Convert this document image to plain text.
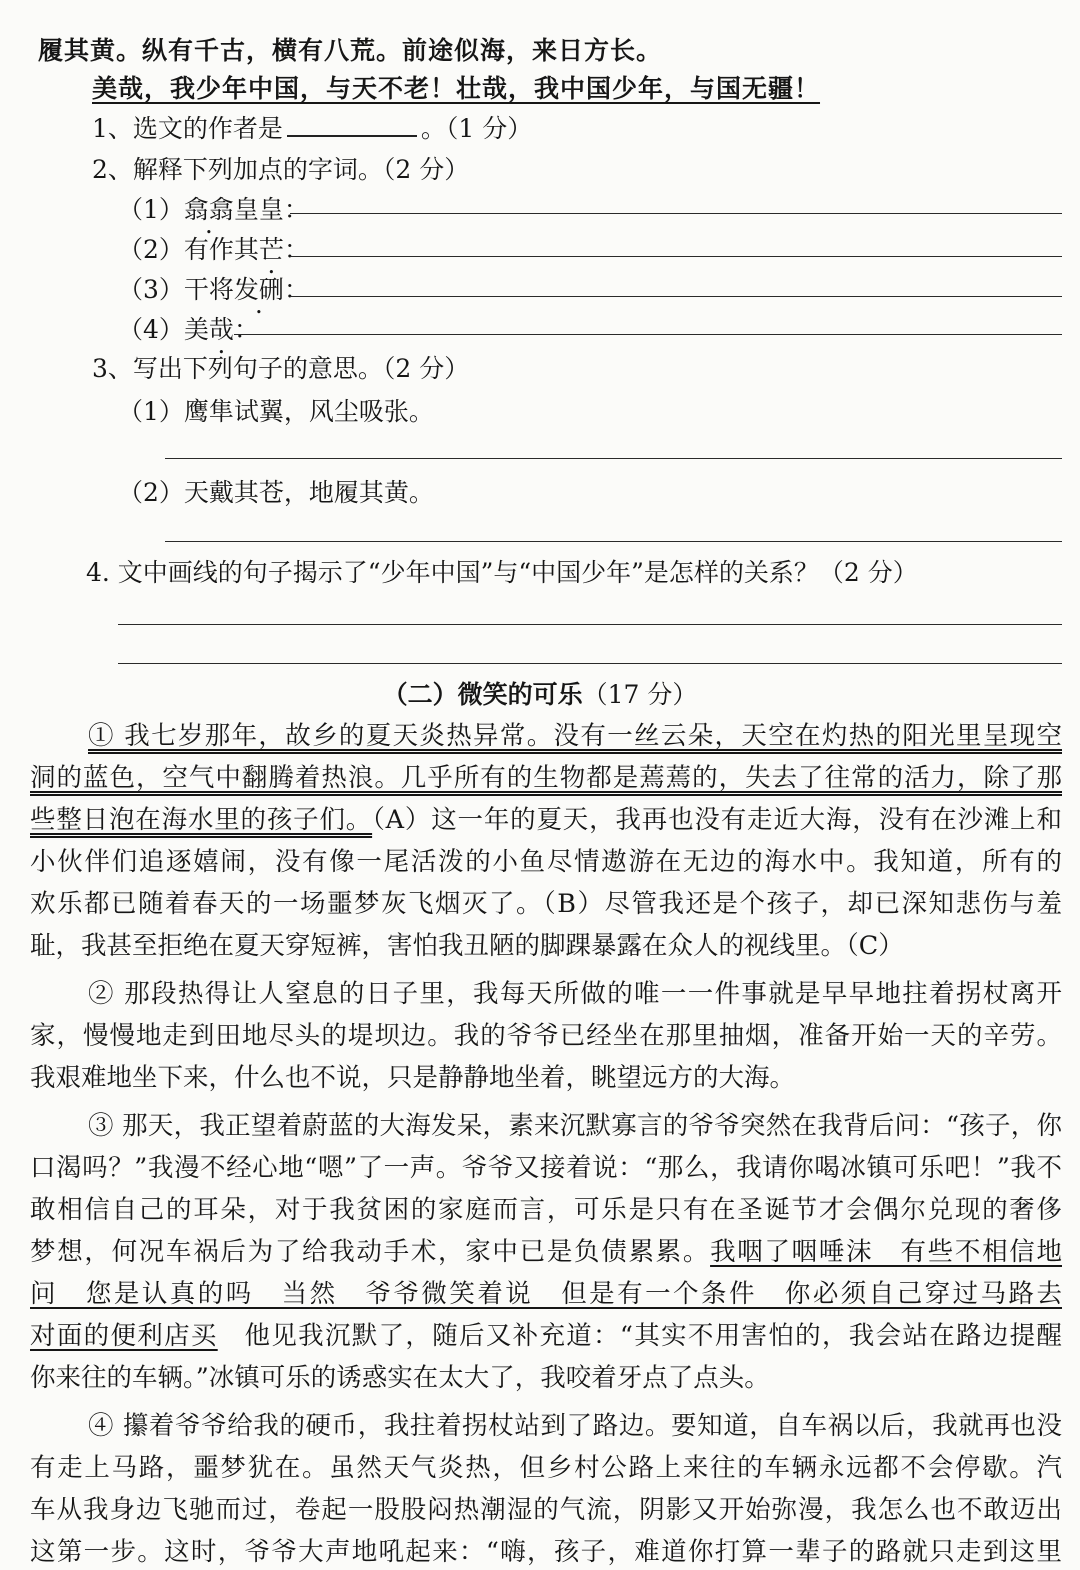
履其黄。纵有千古，横有八荒。前途似海，来日方长。
美哉，我少年中国，与天不老！壮哉，我中国少年，与国无疆！
1、选文的作者是	。（1 分）
2、解释下列加点的字词。（2 分）
（1）翕翕皇皇：
（2）有作其芒：
（3）干将发硎：
（4）美哉：
3、写出下列句子的意思。（2 分）
（1）鹰隼试翼，风尘吸张。
（2）天戴其苍，地履其黄。
4. 文中画线的句子揭示了“少年中国”与“中国少年”是怎样的关系？（2 分）
（二）微笑的可乐（17 分）
① 我七岁那年，故乡的夏天炎热异常。没有一丝云朵，天空在灼热的阳光里呈现空
洞的蓝色，空气中翻腾着热浪。几乎所有的生物都是蔫蔫的，失去了往常的活力，除了那
些整日泡在海水里的孩子们。（A）这一年的夏天，我再也没有走近大海，没有在沙滩上和
小伙伴们追逐嬉闹，没有像一尾活泼的小鱼尽情遨游在无边的海水中。我知道，所有的
欢乐都已随着春天的一场噩梦灰飞烟灭了。（B）尽管我还是个孩子，却已深知悲伤与羞
耻，我甚至拒绝在夏天穿短裤，害怕我丑陋的脚踝暴露在众人的视线里。（C）
② 那段热得让人窒息的日子里，我每天所做的唯一一件事就是早早地拄着拐杖离开
家，慢慢地走到田地尽头的堤坝边。我的爷爷已经坐在那里抽烟，准备开始一天的辛劳。
我艰难地坐下来，什么也不说，只是静静地坐着，眺望远方的大海。
③ 那天，我正望着蔚蓝的大海发呆，素来沉默寡言的爷爷突然在我背后问：“孩子，你
口渴吗？”我漫不经心地“嗯”了一声。爷爷又接着说：“那么，我请你喝冰镇可乐吧！”我不
敢相信自己的耳朵，对于我贫困的家庭而言，可乐是只有在圣诞节才会偶尔兑现的奢侈
梦想，何况车祸后为了给我动手术，家中已是负债累累。我咽了咽唾沫　有些不相信地
问　您是认真的吗　当然　爷爷微笑着说　但是有一个条件　你必须自己穿过马路去
对面的便利店买　他见我沉默了，随后又补充道：“其实不用害怕的，我会站在路边提醒
你来往的车辆。”冰镇可乐的诱惑实在太大了，我咬着牙点了点头。
④ 攥着爷爷给我的硬币，我拄着拐杖站到了路边。要知道，自车祸以后，我就再也没
有走上马路，噩梦犹在。虽然天气炎热，但乡村公路上来往的车辆永远都不会停歇。汽
车从我身边飞驰而过，卷起一股股闷热潮湿的气流，阴影又开始弥漫，我怎么也不敢迈出
这第一步。这时，爷爷大声地吼起来：“嗨，孩子，难道你打算一辈子的路就只走到这里
